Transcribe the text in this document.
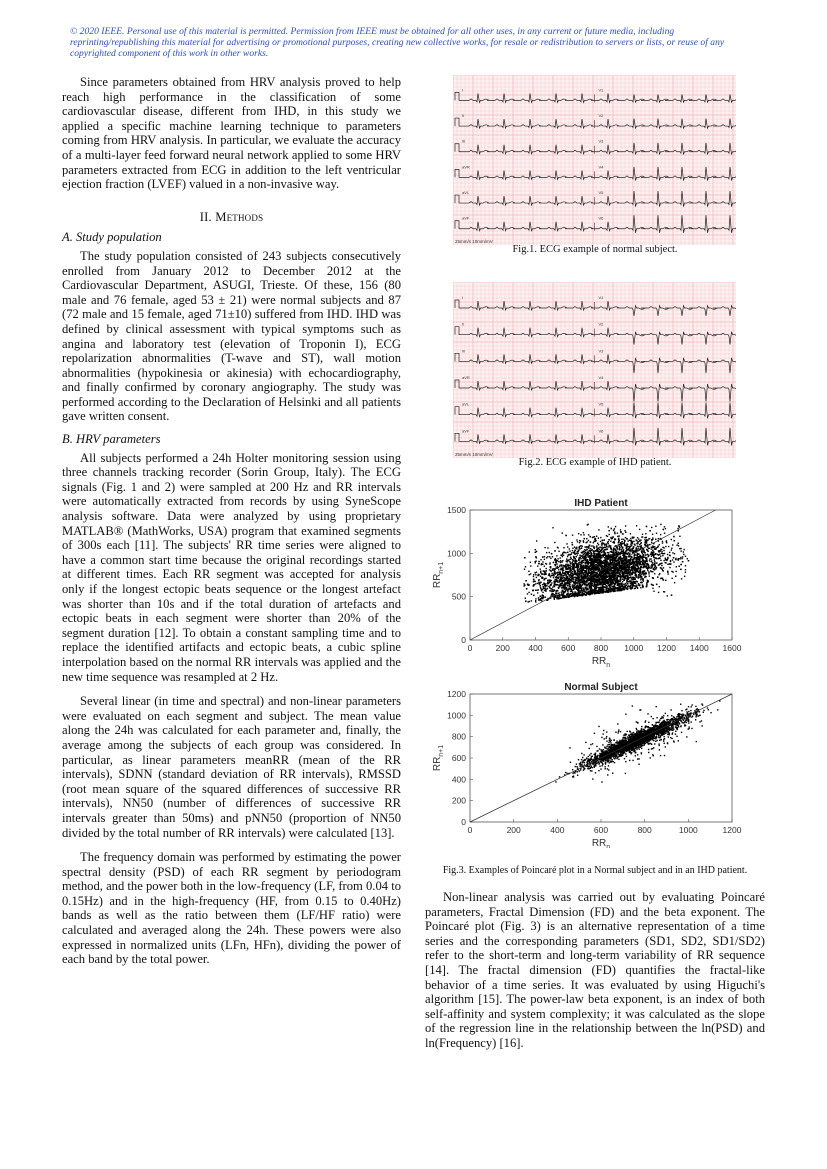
© 2020 IEEE. Personal use of this material is permitted. Permission from IEEE must be obtained for all other uses, in any current or future media, including reprinting/republishing this material for advertising or promotional purposes, creating new collective works, for resale or redistribution to servers or lists, or reuse of any copyrighted component of this work in other works.

Since parameters obtained from HRV analysis proved to help reach high performance in the classification of some cardiovascular disease, different from IHD, in this study we applied a specific machine learning technique to parameters coming from HRV analysis. In particular, we evaluate the accuracy of a multi-layer feed forward neural network applied to some HRV parameters extracted from ECG in addition to the left ventricular ejection fraction (LVEF) valued in a non-invasive way.

II. Methods
A. Study population

The study population consisted of 243 subjects consecutively enrolled from January 2012 to December 2012 at the Cardiovascular Department, ASUGI, Trieste. Of these, 156 (80 male and 76 female, aged 53 ± 21) were normal subjects and 87 (72 male and 15 female, aged 71±10) suffered from IHD. IHD was defined by clinical assessment with typical symptoms such as angina and laboratory test (elevation of Troponin I), ECG repolarization abnormalities (T-wave and ST), wall motion abnormalities (hypokinesia or akinesia) with echocardiography, and finally confirmed by coronary angiography. The study was performed according to the Declaration of Helsinki and all patients gave written consent.

B. HRV parameters

All subjects performed a 24h Holter monitoring session using three channels tracking recorder (Sorin Group, Italy). The ECG signals (Fig. 1 and 2) were sampled at 200 Hz and RR intervals were automatically extracted from records by using SyneScope analysis software. Data were analyzed by using proprietary MATLAB® (MathWorks, USA) program that examined segments of 300s each [11]. The subjects' RR time series were aligned to have a common start time because the original recordings started at different times. Each RR segment was accepted for analysis only if the longest ectopic beats sequence or the longest artefact was shorter than 10s and if the total duration of artefacts and ectopic beats in each segment were shorter than 20% of the segment duration [12]. To obtain a constant sampling time and to replace the identified artifacts and ectopic beats, a cubic spline interpolation based on the normal RR intervals was applied and the new time sequence was resampled at 2 Hz.

Several linear (in time and spectral) and non-linear parameters were evaluated on each segment and subject. The mean value along the 24h was calculated for each parameter and, finally, the average among the subjects of each group was considered. In particular, as linear parameters meanRR (mean of the RR intervals), SDNN (standard deviation of RR intervals), RMSSD (root mean square of the squared differences of successive RR intervals), NN50 (number of differences of successive RR intervals greater than 50ms) and pNN50 (proportion of NN50 divided by the total number of RR intervals) were calculated [13].

The frequency domain was performed by estimating the power spectral density (PSD) of each RR segment by periodogram method, and the power both in the low-frequency (LF, from 0.04 to 0.15Hz) and in the high-frequency (HF, from 0.15 to 0.40Hz) bands as well as the ratio between them (LF/HF ratio) were calculated and averaged along the 24h. These powers were also expressed in normalized units (LFn, HFn), dividing the power of each band by the total power.

I	V1
II	V2
III	V3
aVR	V4
aVL	V5
aVF	V6
25mm/s 10mm/mV
Fig.1. ECG example of normal subject.
I	V1
II	V2
III	V3
aVR	V4
aVL	V5
aVF	V6
25mm/s 10mm/mV
Fig.2. ECG example of IHD patient.
IHD Patient
0	200 400 600 800 1000 1200 1400 1600
0
500
1000
1500
$RR_n$
$RR_{n+1}$
Normal Subject
0	200	400	600	800	1000	1200
0
200
400
600
800
1000
1200
$RR_n$
$RR_{n+1}$
Fig.3. Examples of Poincaré plot in a Normal subject and in an IHD patient.

Non-linear analysis was carried out by evaluating Poincaré parameters, Fractal Dimension (FD) and the beta exponent. The Poincaré plot (Fig. 3) is an alternative representation of a time series and the corresponding parameters (SD1, SD2, SD1/SD2) refer to the short-term and long-term variability of RR sequence [14]. The fractal dimension (FD) quantifies the fractal-like behavior of a time series. It was evaluated by using Higuchi's algorithm [15]. The power-law beta exponent, is an index of both self-affinity and system complexity; it was calculated as the slope of the regression line in the relationship between the ln(PSD) and ln(Frequency) [16].
